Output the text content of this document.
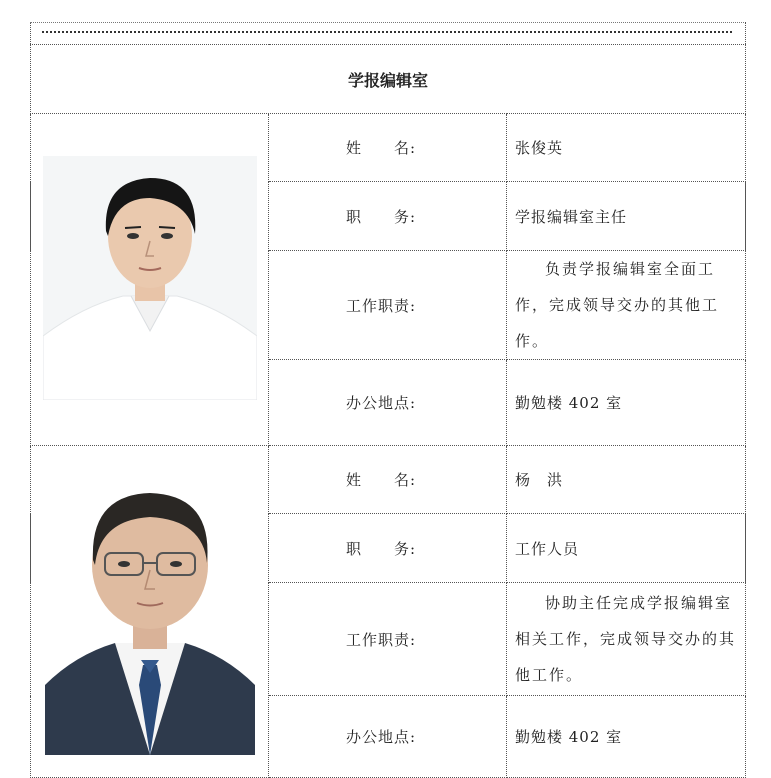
学报编辑室		

	姓　　名:	张俊英
	职　　务:	学报编辑室主任
	工作职责:	负责学报编辑室全面工作，完成领导交办的其他工作。
	办公地点:	勤勉楼 402 室

	姓　　名:	杨　洪
	职　　务:	工作人员
	工作职责:	协助主任完成学报编辑室相关工作，完成领导交办的其他工作。
	办公地点:	勤勉楼 402 室
